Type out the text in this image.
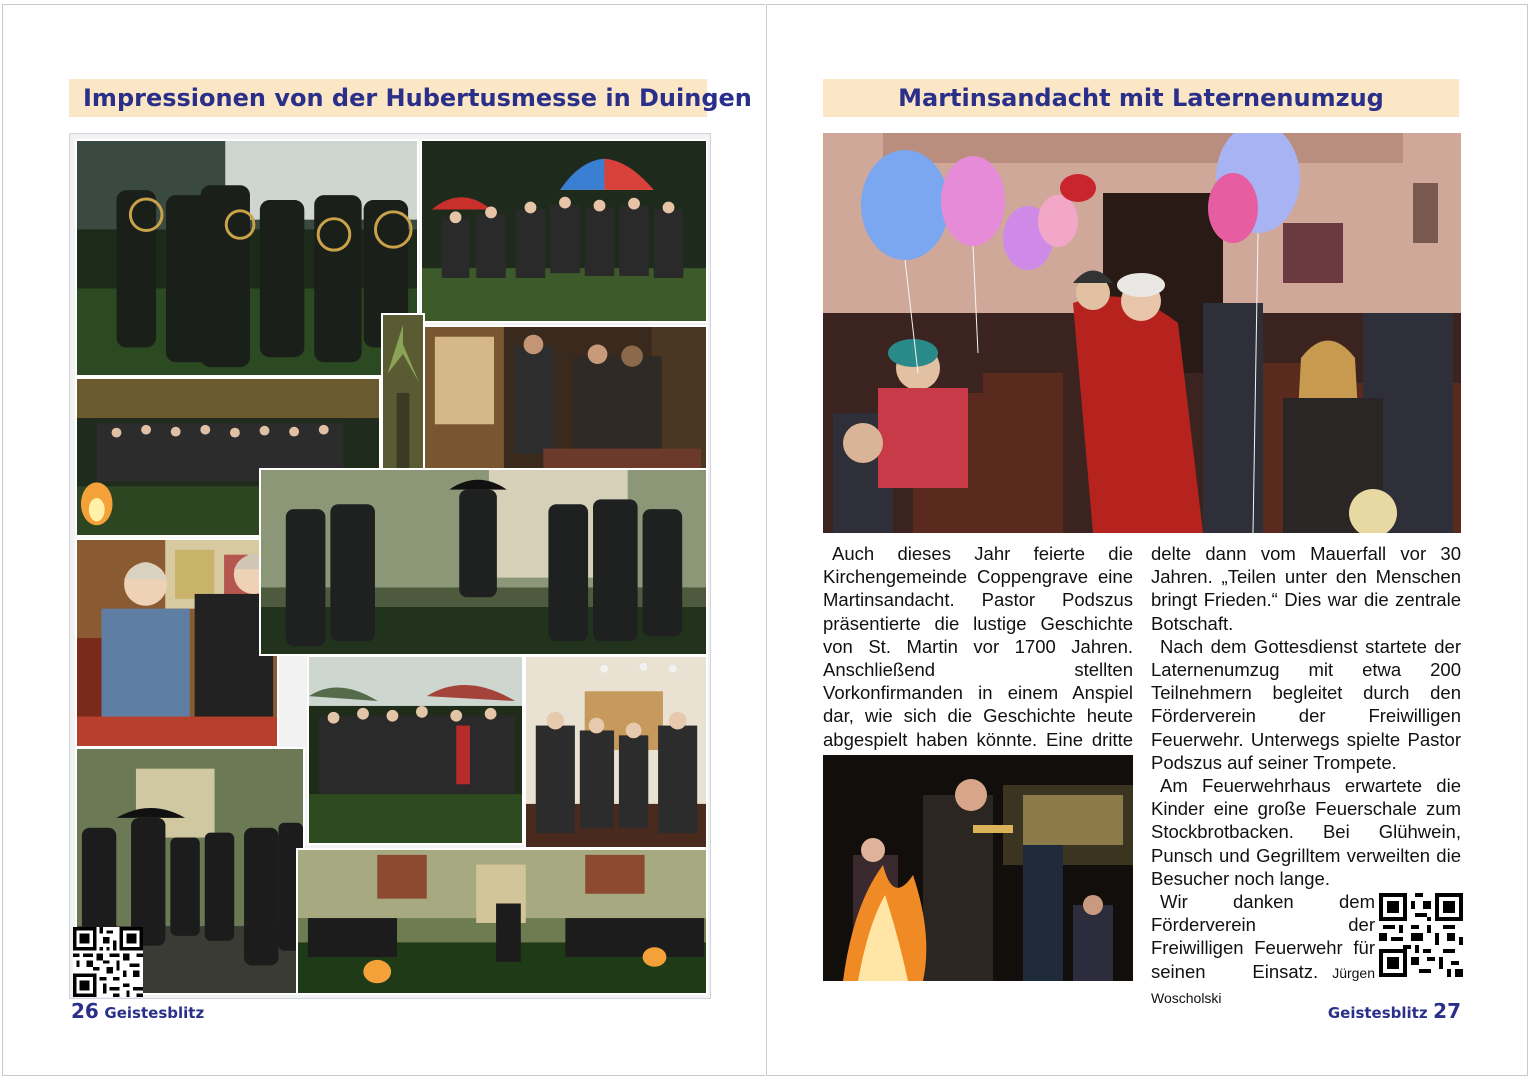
Impressionen von der Hubertusmesse in Duingen
26 Geistesblitz
Martinsandacht mit Laternenumzug

Auch dieses Jahr feierte die Kirchengemeinde Coppengrave eine Martinsandacht. Pastor Podszus präsentierte die lustige Geschichte von St. Martin vor 1700 Jahren. Anschließend stellten Vorkonfirmanden in einem Anspiel dar, wie sich die Geschichte heute abgespielt haben könnte. Eine dritte

delte dann vom Mauerfall vor 30 Jahren. „Teilen unter den Menschen bringt Frieden.“ Dies war die zentrale Botschaft.

Nach dem Gottesdienst startete der Laternenumzug mit etwa 200 Teilnehmern begleitet durch den Förderverein der Freiwilligen Feuerwehr. Unterwegs spielte Pastor Podszus auf seiner Trompete.

Am Feuerwehrhaus erwartete die Kinder eine große Feuerschale zum Stockbrotbacken. Bei Glühwein, Punsch und Gegrilltem verweilten die Besucher noch lange.

Wir danken dem Förderverein der Freiwilligen Feuerwehr für seinen Einsatz. Jürgen Woscholski

Geistesblitz 27
